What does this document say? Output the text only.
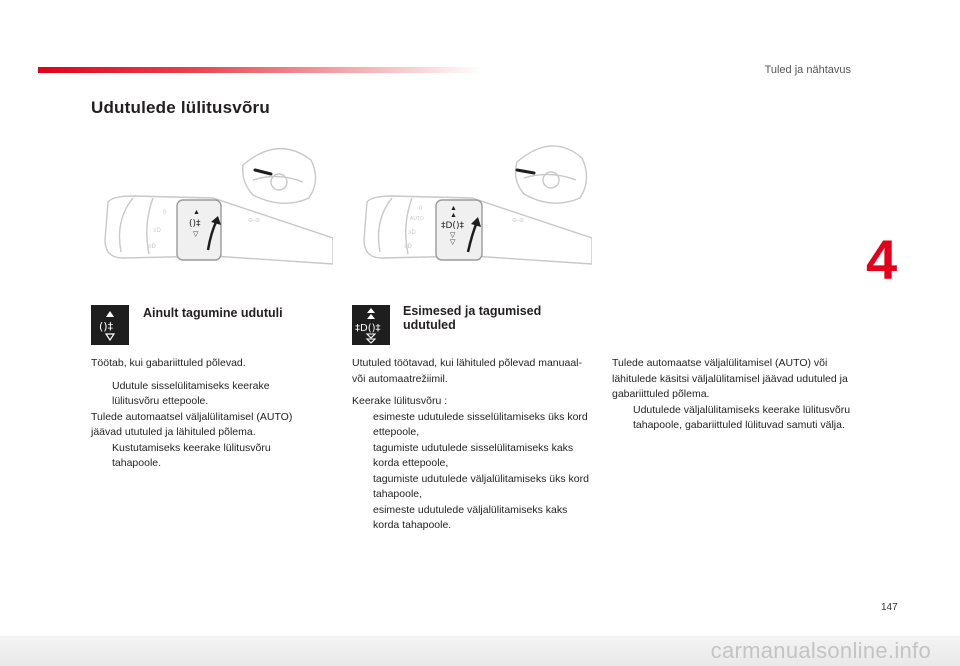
Tuled ja nähtavus
4
Udutulede lülitusvõru
0
≡D
≡D
⊖-⊖
▲
()‡
▽
0
AUTO
≡D
≡D
⊖-⊖
▲
▲
‡D()‡
▽
▽
()‡
Ainult tagumine udutuli

Töötab, kui gabariittuled põlevad.

Udutule sisselülitamiseks keerake lülitusvõru ettepoole.

Tulede automaatsel väljalülitamisel (AUTO) jäävad ututuled ja lähituled põlema.

Kustutamiseks keerake lülitusvõru tahapoole.
‡D()‡
Esimesed ja tagumised udutuled

Ututuled töötavad, kui lähituled põlevad manuaal- või automaatrežiimil.

Keerake lülitusvõru :

esimeste udutulede sisselülitamiseks üks kord ettepoole,
tagumiste udutulede sisselülitamiseks kaks korda ettepoole,
tagumiste udutulede väljalülitamiseks üks kord tahapoole,
esimeste udutulede väljalülitamiseks kaks korda tahapoole.

Tulede automaatse väljalülitamisel (AUTO) või lähitulede käsitsi väljalülitamisel jäävad udutuled ja gabariittuled põlema.

Udutulede väljalülitamiseks keerake lülitusvõru tahapoole, gabariittuled lülituvad samuti välja.
147
carmanualsonline.info
